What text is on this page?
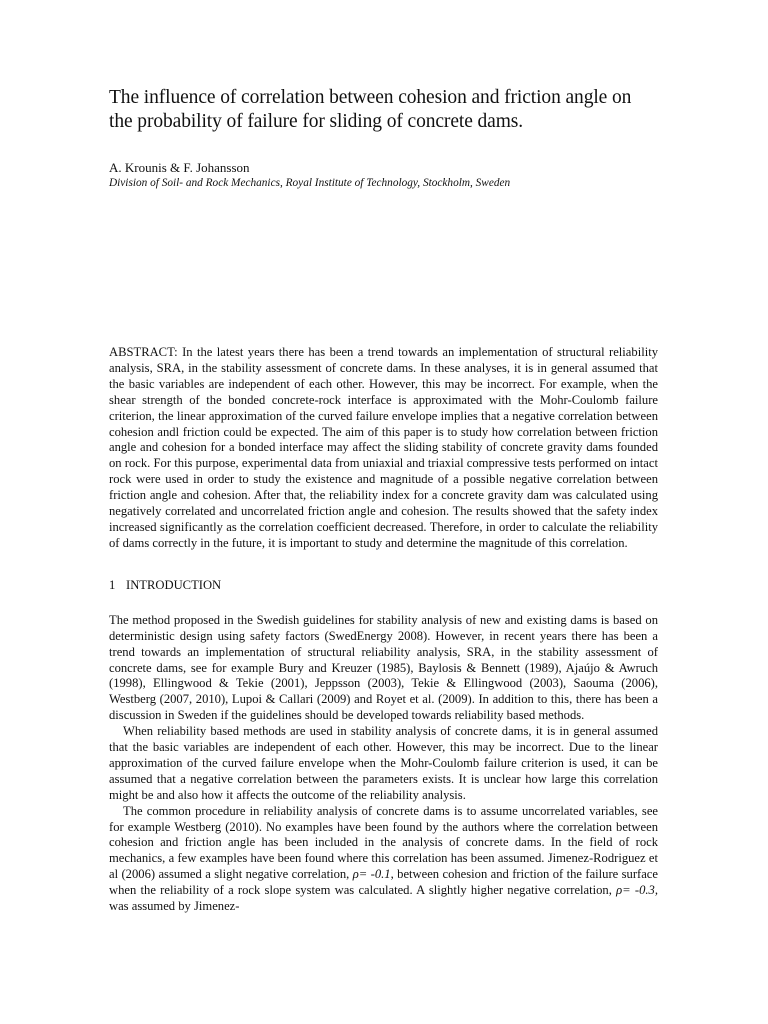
The influence of correlation between cohesion and friction angle on the probability of failure for sliding of concrete dams.
A. Krounis & F. Johansson
Division of Soil- and Rock Mechanics, Royal Institute of Technology, Stockholm, Sweden
ABSTRACT: In the latest years there has been a trend towards an implementation of structural reliability analysis, SRA, in the stability assessment of concrete dams. In these analyses, it is in general assumed that the basic variables are independent of each other. However, this may be incorrect. For example, when the shear strength of the bonded concrete-rock interface is approximated with the Mohr-Coulomb failure criterion, the linear approximation of the curved failure envelope implies that a negative correlation between cohesion andl friction could be expected. The aim of this paper is to study how correlation between friction angle and cohesion for a bonded interface may affect the sliding stability of concrete gravity dams founded on rock. For this purpose, experimental data from uniaxial and triaxial compressive tests performed on intact rock were used in order to study the existence and magnitude of a possible negative correlation between friction angle and cohesion. After that, the reliability index for a concrete gravity dam was calculated using negatively correlated and uncorrelated friction angle and cohesion. The results showed that the safety index increased significantly as the correlation coefficient decreased. Therefore, in order to calculate the reliability of dams correctly in the future, it is important to study and determine the magnitude of this correlation.
1 INTRODUCTION

The method proposed in the Swedish guidelines for stability analysis of new and existing dams is based on deterministic design using safety factors (SwedEnergy 2008). However, in recent years there has been a trend towards an implementation of structural reliability analysis, SRA, in the stability assessment of concrete dams, see for example Bury and Kreuzer (1985), Baylosis & Bennett (1989), Ajaújo & Awruch (1998), Ellingwood & Tekie (2001), Jeppsson (2003), Tekie & Ellingwood (2003), Saouma (2006), Westberg (2007, 2010), Lupoi & Callari (2009) and Royet et al. (2009). In addition to this, there has been a discussion in Sweden if the guidelines should be developed towards reliability based methods.

When reliability based methods are used in stability analysis of concrete dams, it is in general assumed that the basic variables are independent of each other. However, this may be incorrect. Due to the linear approximation of the curved failure envelope when the Mohr-Coulomb failure criterion is used, it can be assumed that a negative correlation between the parameters exists. It is unclear how large this correlation might be and also how it affects the outcome of the reliability analysis.

The common procedure in reliability analysis of concrete dams is to assume uncorrelated variables, see for example Westberg (2010). No examples have been found by the authors where the correlation between cohesion and friction angle has been included in the analysis of concrete dams. In the field of rock mechanics, a few examples have been found where this correlation has been assumed. Jimenez-Rodriguez et al (2006) assumed a slight negative correlation, ρ= -0.1, between cohesion and friction of the failure surface when the reliability of a rock slope system was calculated. A slightly higher negative correlation, ρ= -0.3, was assumed by Jimenez-
